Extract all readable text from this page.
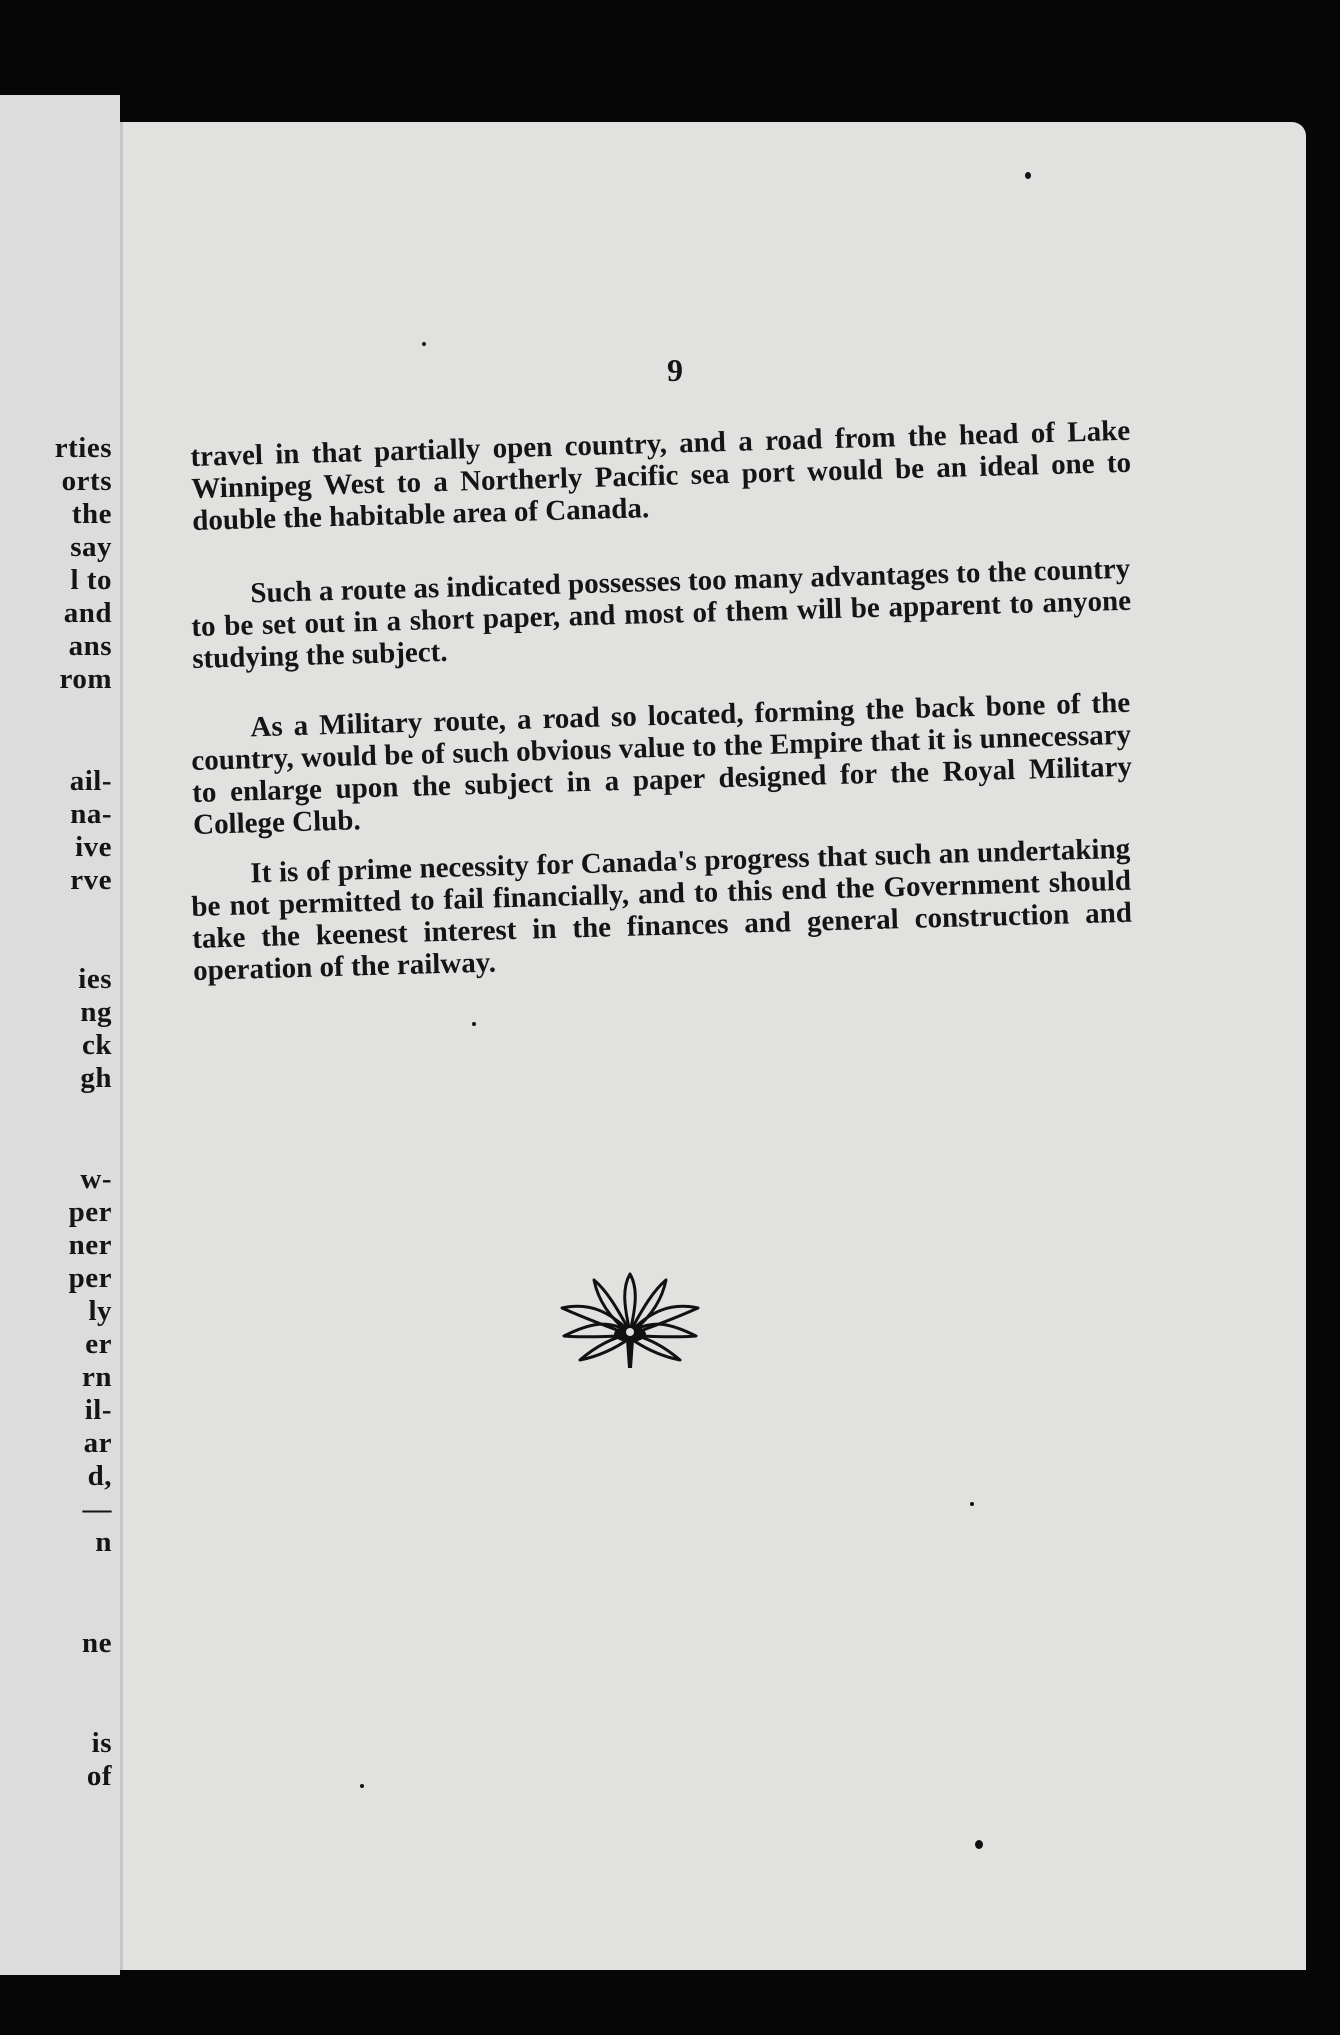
rties
orts
the
say
l to
and
ans
rom
ail-
na-
ive
rve
ies
ng
ck
gh
w-
per
ner
per
ly
er
rn
il-
ar
d,
—
n
ne
is
of
9

travel in that partially open country, and a road from the head of Lake Winnipeg West to a Northerly Pacific sea port would be an ideal one to double the habitable area of Canada.

Such a route as indicated possesses too many advantages to the country to be set out in a short paper, and most of them will be apparent to anyone studying the subject.

As a Military route, a road so located, forming the back bone of the country, would be of such obvious value to the Empire that it is unnecessary to enlarge upon the subject in a paper designed for the Royal Military College Club.

It is of prime necessity for Canada's progress that such an undertaking be not permitted to fail financially, and to this end the Government should take the keenest interest in the finances and general construction and operation of the railway.
